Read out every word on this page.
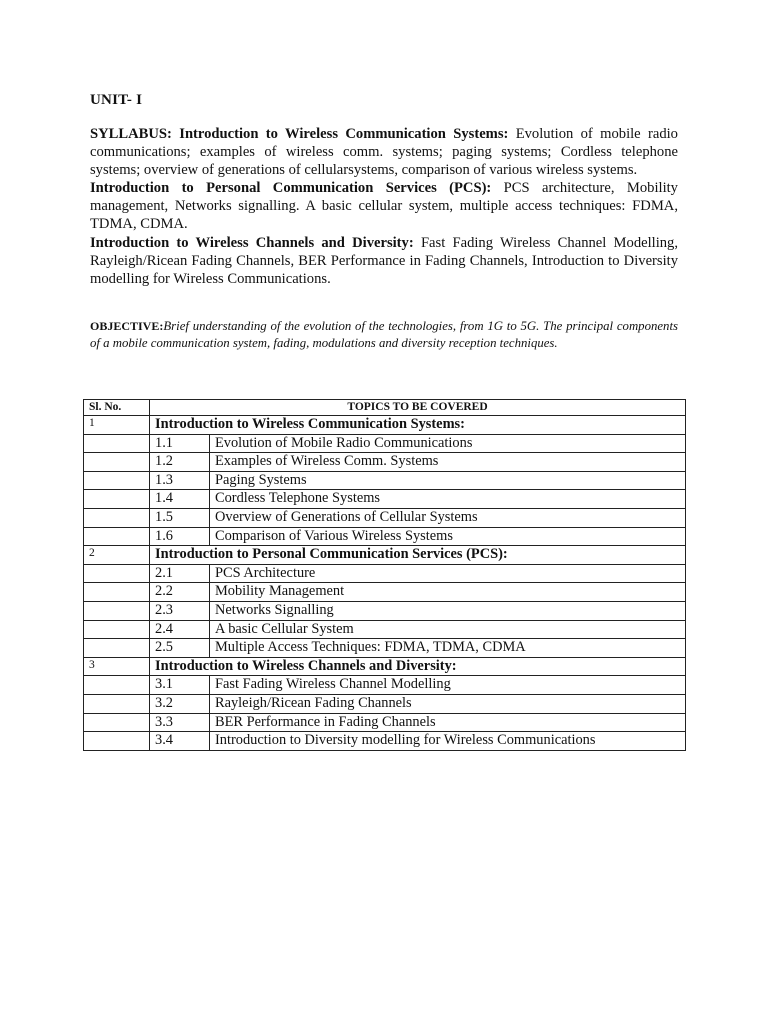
UNIT- I

SYLLABUS: Introduction to Wireless Communication Systems: Evolution of mobile radio communications; examples of wireless comm. systems; paging systems; Cordless telephone systems; overview of generations of cellularsystems, comparison of various wireless systems.

Introduction to Personal Communication Services (PCS): PCS architecture, Mobility management, Networks signalling. A basic cellular system, multiple access techniques: FDMA, TDMA, CDMA.

Introduction to Wireless Channels and Diversity: Fast Fading Wireless Channel Modelling, Rayleigh/Ricean Fading Channels, BER Performance in Fading Channels, Introduction to Diversity modelling for Wireless Communications.

OBJECTIVE:Brief understanding of the evolution of the technologies, from 1G to 5G. The principal components of a mobile communication system, fading, modulations and diversity reception techniques.
Sl. No.	TOPICS TO BE COVERED	
1	Introduction to Wireless Communication Systems:	
	1.1	Evolution of Mobile Radio Communications
	1.2	Examples of Wireless Comm. Systems
	1.3	Paging Systems
	1.4	Cordless Telephone Systems
	1.5	Overview of Generations of Cellular Systems
	1.6	Comparison of Various Wireless Systems
2	Introduction to Personal Communication Services (PCS):	
	2.1	PCS Architecture
	2.2	Mobility Management
	2.3	Networks Signalling
	2.4	A basic Cellular System
	2.5	Multiple Access Techniques: FDMA, TDMA, CDMA
3	Introduction to Wireless Channels and Diversity:	
	3.1	Fast Fading Wireless Channel Modelling
	3.2	Rayleigh/Ricean Fading Channels
	3.3	BER Performance in Fading Channels
	3.4	Introduction to Diversity modelling for Wireless Communications
